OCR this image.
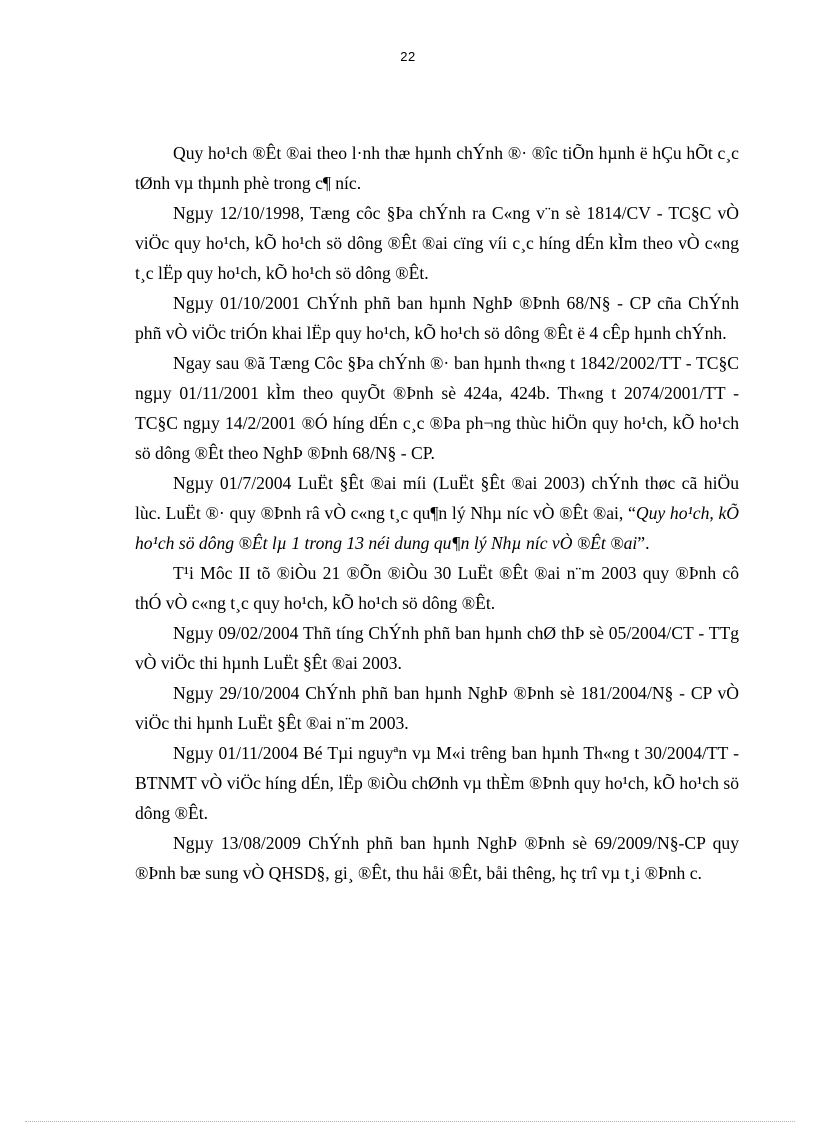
22

Quy ho¹ch ®Êt ®ai theo l·nh thæ hµnh chÝnh ®· ®îc tiÕn hµnh ë hÇu hÕt c¸c tØnh vµ thµnh phè trong c¶ níc.

Ngµy 12/10/1998, Tæng côc §Þa chÝnh ra C«ng v¨n sè 1814/CV - TC§C vÒ viÖc quy ho¹ch, kÕ ho¹ch sö dông ®Êt ®ai cïng víi c¸c híng dÉn kÌm theo vÒ c«ng t¸c lËp quy ho¹ch, kÕ ho¹ch sö dông ®Êt.

Ngµy 01/10/2001 ChÝnh phñ ban hµnh NghÞ ®Þnh 68/N§ - CP cña ChÝnh phñ vÒ viÖc triÓn khai lËp quy ho¹ch, kÕ ho¹ch sö dông ®Êt ë 4 cÊp hµnh chÝnh.

Ngay sau ®ã Tæng Côc §Þa chÝnh ®· ban hµnh th«ng t 1842/2002/TT - TC§C ngµy 01/11/2001 kÌm theo quyÕt ®Þnh sè 424a, 424b. Th«ng t 2074/2001/TT - TC§C ngµy 14/2/2001 ®Ó híng dÉn c¸c ®Þa ph¬ng thùc hiÖn quy ho¹ch, kÕ ho¹ch sö dông ®Êt theo NghÞ ®Þnh 68/N§ - CP.

Ngµy 01/7/2004 LuËt §Êt ®ai míi (LuËt §Êt ®ai 2003) chÝnh thøc cã hiÖu lùc. LuËt ®· quy ®Þnh râ vÒ c«ng t¸c qu¶n lý Nhµ níc vÒ ®Êt ®ai, “Quy ho¹ch, kÕ ho¹ch sö dông ®Êt lµ 1 trong 13 néi dung qu¶n lý Nhµ níc vÒ ®Êt ®ai”.

T¹i Môc II tõ ®iÒu 21 ®Õn ®iÒu 30 LuËt ®Êt ®ai n¨m 2003 quy ®Þnh cô thÓ vÒ c«ng t¸c quy ho¹ch, kÕ ho¹ch sö dông ®Êt.

Ngµy 09/02/2004 Thñ tíng ChÝnh phñ ban hµnh chØ thÞ sè 05/2004/CT - TTg vÒ viÖc thi hµnh LuËt §Êt ®ai 2003.

Ngµy 29/10/2004 ChÝnh phñ ban hµnh NghÞ ®Þnh sè 181/2004/N§ - CP vÒ viÖc thi hµnh LuËt §Êt ®ai n¨m 2003.

Ngµy 01/11/2004 Bé Tµi nguyªn vµ M«i trêng ban hµnh Th«ng t 30/2004/TT - BTNMT vÒ viÖc híng dÉn, lËp ®iÒu chØnh vµ thÈm ®Þnh quy ho¹ch, kÕ ho¹ch sö dông ®Êt.

Ngµy 13/08/2009 ChÝnh phñ ban hµnh NghÞ ®Þnh sè 69/2009/N§-CP quy ®Þnh bæ sung vÒ QHSD§, gi¸ ®Êt, thu håi ®Êt, båi thêng, hç trî vµ t¸i ®Þnh c.
